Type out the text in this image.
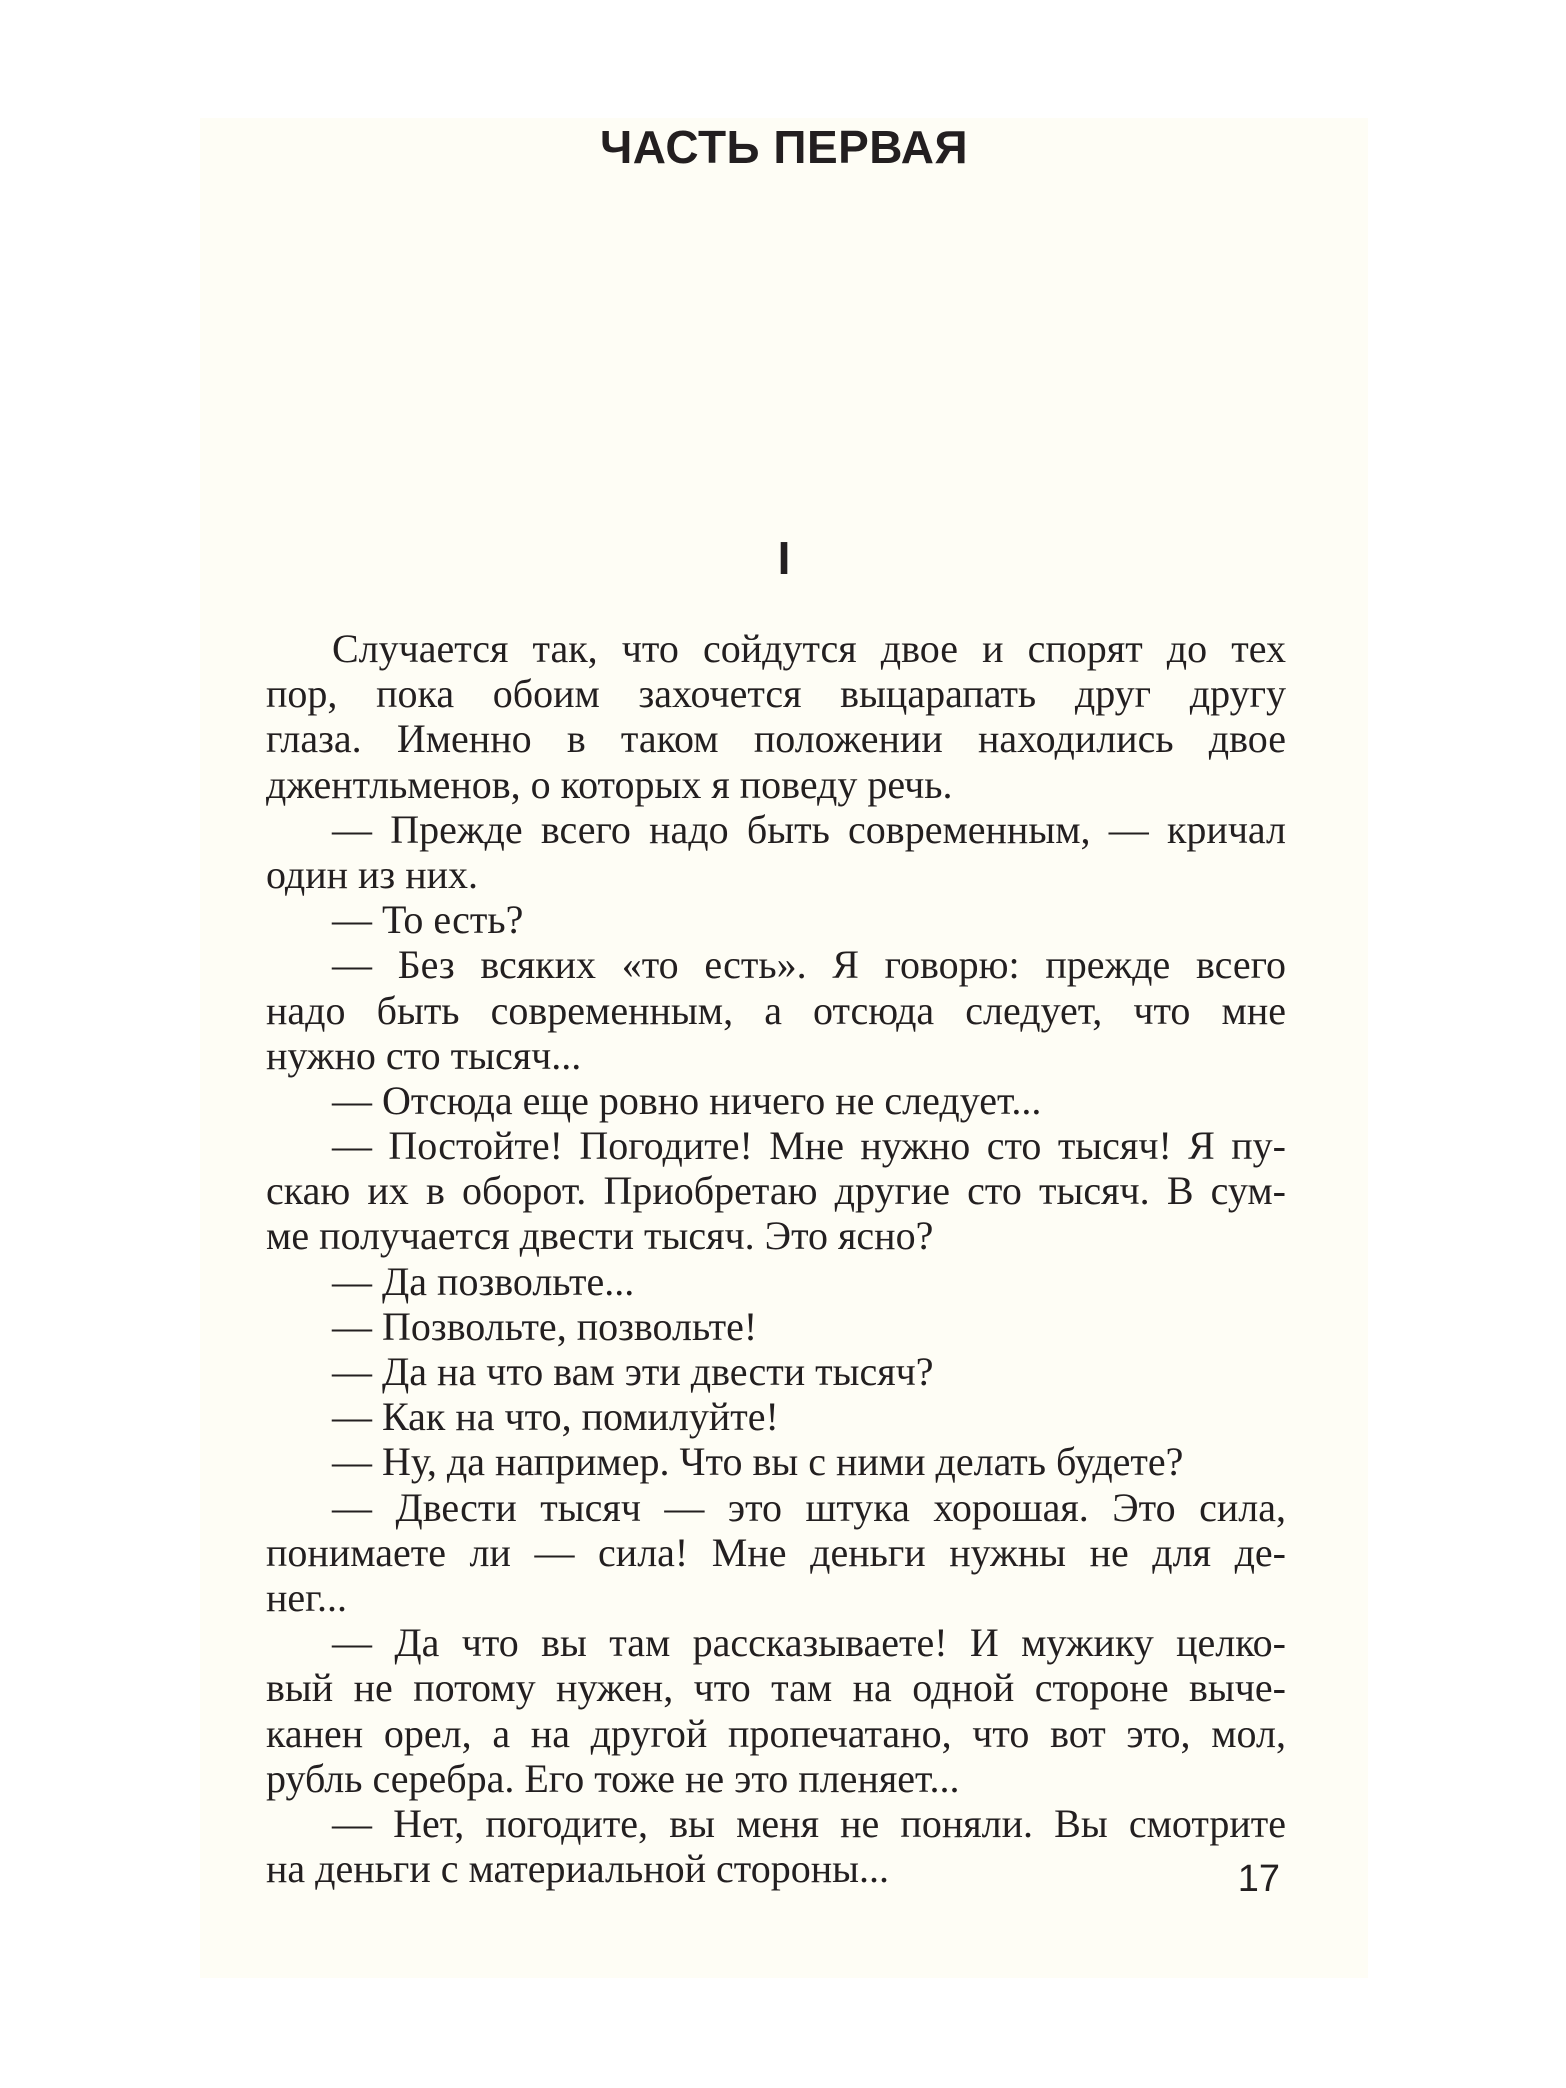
ЧАСТЬ ПЕРВАЯ
I
Случается так, что сойдутся двое и спорят до тех
пор, пока обоим захочется выцарапать друг другу
глаза. Именно в таком положении находились двое
джентльменов, о которых я поведу речь.
— Прежде всего надо быть современным, — кричал
один из них.
— То есть?
— Без всяких «то есть». Я говорю: прежде всего
надо быть современным, а отсюда следует, что мне
нужно сто тысяч...
— Отсюда еще ровно ничего не следует...
— Постойте! Погодите! Мне нужно сто тысяч! Я пу-
скаю их в оборот. Приобретаю другие сто тысяч. В сум-
ме получается двести тысяч. Это ясно?
— Да позвольте...
— Позвольте, позвольте!
— Да на что вам эти двести тысяч?
— Как на что, помилуйте!
— Ну, да например. Что вы с ними делать будете?
— Двести тысяч — это штука хорошая. Это сила,
понимаете ли — сила! Мне деньги нужны не для де-
нег...
— Да что вы там рассказываете! И мужику целко-
вый не потому нужен, что там на одной стороне выче-
канен орел, а на другой пропечатано, что вот это, мол,
рубль серебра. Его тоже не это пленяет...
— Нет, погодите, вы меня не поняли. Вы смотрите
на деньги с материальной стороны...	17
